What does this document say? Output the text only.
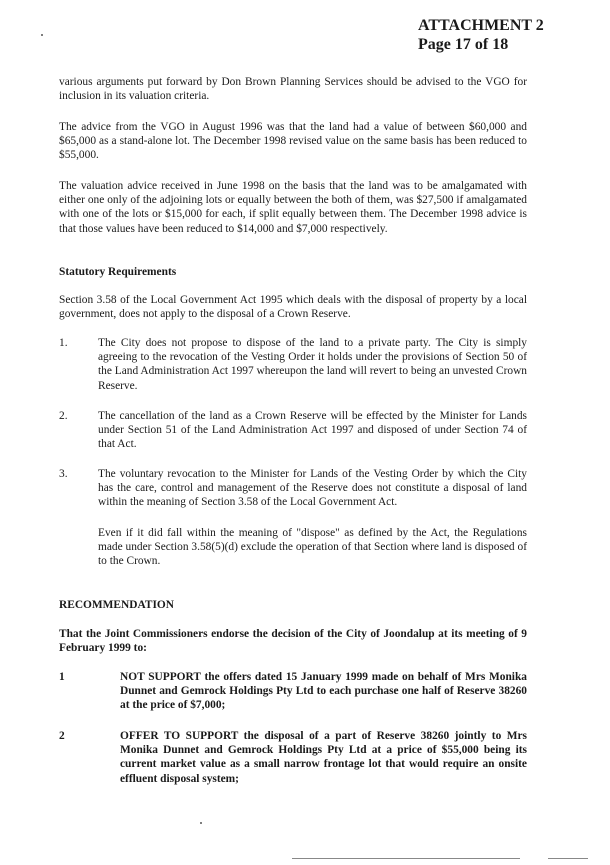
ATTACHMENT 2
Page 17 of 18

various arguments put forward by Don Brown Planning Services should be advised to the VGO for inclusion in its valuation criteria.

The advice from the VGO in August 1996 was that the land had a value of between $60,000 and $65,000 as a stand-alone lot. The December 1998 revised value on the same basis has been reduced to $55,000.

The valuation advice received in June 1998 on the basis that the land was to be amalgamated with either one only of the adjoining lots or equally between the both of them, was $27,500 if amalgamated with one of the lots or $15,000 for each, if split equally between them. The December 1998 advice is that those values have been reduced to $14,000 and $7,000 respectively.

Statutory Requirements

Section 3.58 of the Local Government Act 1995 which deals with the disposal of property by a local government, does not apply to the disposal of a Crown Reserve.

1.	The City does not propose to dispose of the land to a private party. The City is simply agreeing to the revocation of the Vesting Order it holds under the provisions of Section 50 of the Land Administration Act 1997 whereupon the land will revert to being an unvested Crown Reserve.

2.	The cancellation of the land as a Crown Reserve will be effected by the Minister for Lands under Section 51 of the Land Administration Act 1997 and disposed of under Section 74 of that Act.

3.	The voluntary revocation to the Minister for Lands of the Vesting Order by which the City has the care, control and management of the Reserve does not constitute a disposal of land within the meaning of Section 3.58 of the Local Government Act.

Even if it did fall within the meaning of "dispose" as defined by the Act, the Regulations made under Section 3.58(5)(d) exclude the operation of that Section where land is disposed of to the Crown.

RECOMMENDATION

That the Joint Commissioners endorse the decision of the City of Joondalup at its meeting of 9 February 1999 to:

1	NOT SUPPORT the offers dated 15 January 1999 made on behalf of Mrs Monika Dunnet and Gemrock Holdings Pty Ltd to each purchase one half of Reserve 38260 at the price of $7,000;

2	OFFER TO SUPPORT the disposal of a part of Reserve 38260 jointly to Mrs Monika Dunnet and Gemrock Holdings Pty Ltd at a price of $55,000 being its current market value as a small narrow frontage lot that would require an onsite effluent disposal system;
